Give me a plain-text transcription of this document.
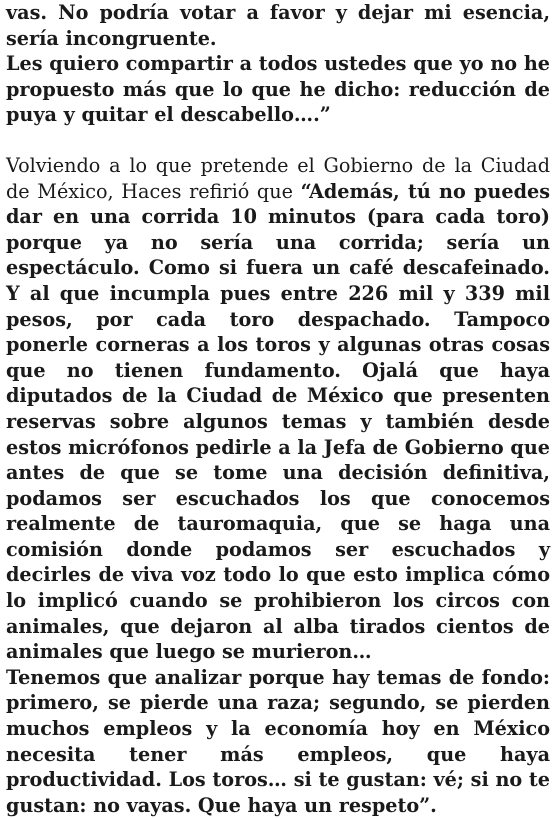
vas. No podría votar a favor y dejar mi esencia, sería incongruente.

Les quiero compartir a todos ustedes que yo no he propuesto más que lo que he dicho: reducción de puya y quitar el descabello….”

Volviendo a lo que pretende el Gobierno de la Ciudad de México, Haces refirió que “Además, tú no puedes dar en una corrida 10 minutos (para cada toro) porque ya no sería una corrida; sería un espectáculo. Como si fuera un café descafeinado. Y al que incumpla pues entre 226 mil y 339 mil pesos, por cada toro despachado. Tampoco ponerle corneras a los toros y algunas otras cosas que no tienen fundamento. Ojalá que haya diputados de la Ciudad de México que presenten reservas sobre algunos temas y también desde estos micrófonos pedirle a la Jefa de Gobierno que antes de que se tome una decisión definitiva, podamos ser escuchados los que conocemos realmente de tauromaquia, que se haga una comisión donde podamos ser escuchados y decirles de viva voz todo lo que esto implica cómo lo implicó cuando se prohibieron los circos con animales, que dejaron al alba tirados cientos de animales que luego se murieron…

Tenemos que analizar porque hay temas de fondo: primero, se pierde una raza; segundo, se pierden muchos empleos y la economía hoy en México necesita tener más empleos, que haya productividad. Los toros… si te gustan: vé; si no te gustan: no vayas. Que haya un respeto”.
